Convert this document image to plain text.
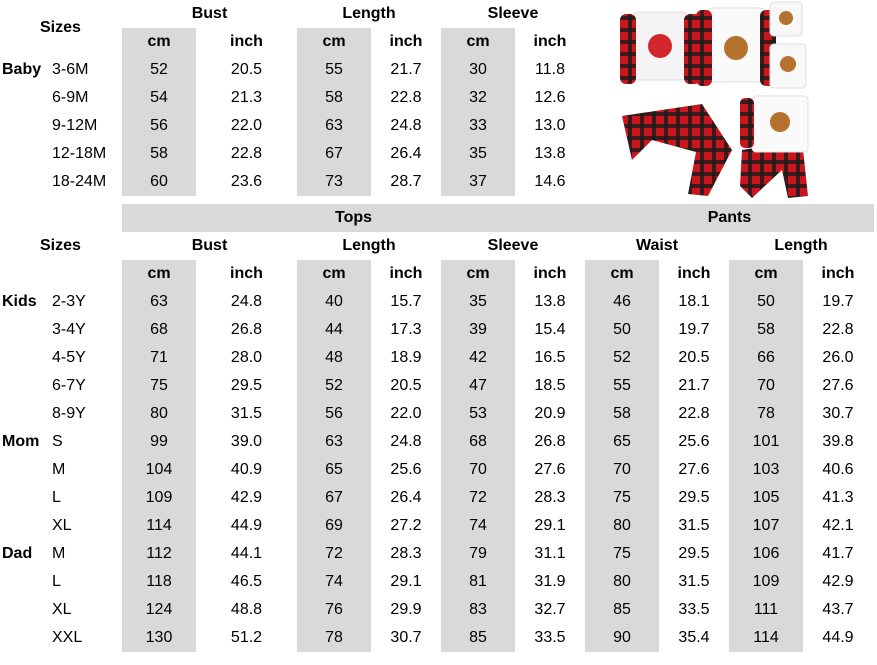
Sizes
Bust	Length	Sleeve
cm	inch	cm	inch	cm	inch
Baby 3-6M	52	20.5	55	21.7	30	11.8
6-9M	54	21.3	58	22.8	32	12.6
9-12M	56	22.0	63	24.8	33	13.0
12-18M	58	22.8	67	26.4	35	13.8
18-24M	60	23.6	73	28.7	37	14.6
Tops	Pants
Sizes	Bust	Length	Sleeve	Waist	Length
cm	inch	cm	inch	cm	inch	cm	inch	cm	inch
Kids 2-3Y	63	24.8	40	15.7	35	13.8	46	18.1	50	19.7
3-4Y	68	26.8	44	17.3	39	15.4	50	19.7	58	22.8
4-5Y	71	28.0	48	18.9	42	16.5	52	20.5	66	26.0
6-7Y	75	29.5	52	20.5	47	18.5	55	21.7	70	27.6
8-9Y	80	31.5	56	22.0	53	20.9	58	22.8	78	30.7
Mom S	99	39.0	63	24.8	68	26.8	65	25.6	101	39.8
M	104	40.9	65	25.6	70	27.6	70	27.6	103	40.6
L	109	42.9	67	26.4	72	28.3	75	29.5	105	41.3
XL	114	44.9	69	27.2	74	29.1	80	31.5	107	42.1
Dad	M	112	44.1	72	28.3	79	31.1	75	29.5	106	41.7
L	118	46.5	74	29.1	81	31.9	80	31.5	109	42.9
XL	124	48.8	76	29.9	83	32.7	85	33.5	111	43.7
XXL	130	51.2	78	30.7	85	33.5	90	35.4	114	44.9
